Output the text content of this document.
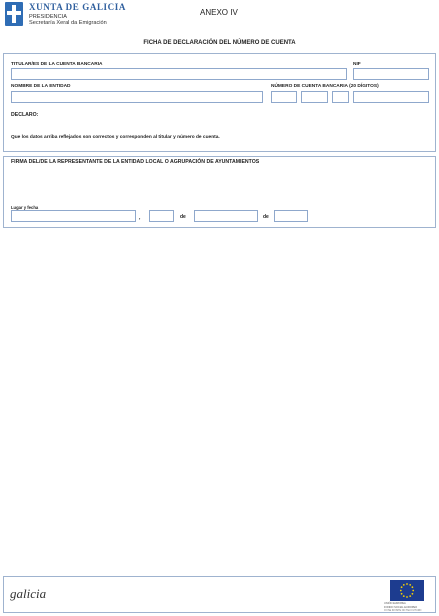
XUNTA DE GALICIA
PRESIDENCIA
Secretaría Xeral da Emigración
ANEXO IV
FICHA DE DECLARACIÓN DEL NÚMERO DE CUENTA
TITULAR/ES DE LA CUENTA BANCARIA	NIF
NOMBRE DE LA ENTIDAD	NÚMERO DE CUENTA BANCARIA (20 DÍGITOS)
DECLARO:
Que los datos arriba reflejados son correctos y corresponden al titular y número de cuenta.
FIRMA DEL/DE LA REPRESENTANTE DE LA ENTIDAD LOCAL O AGRUPACIÓN DE AYUNTAMIENTOS
Lugar y fecha
,	de	de
galicia
UNIÓN EUROPEA
FONDO SOCIAL EUROPEO
O FSE INVISTE NO TEU FUTURO
